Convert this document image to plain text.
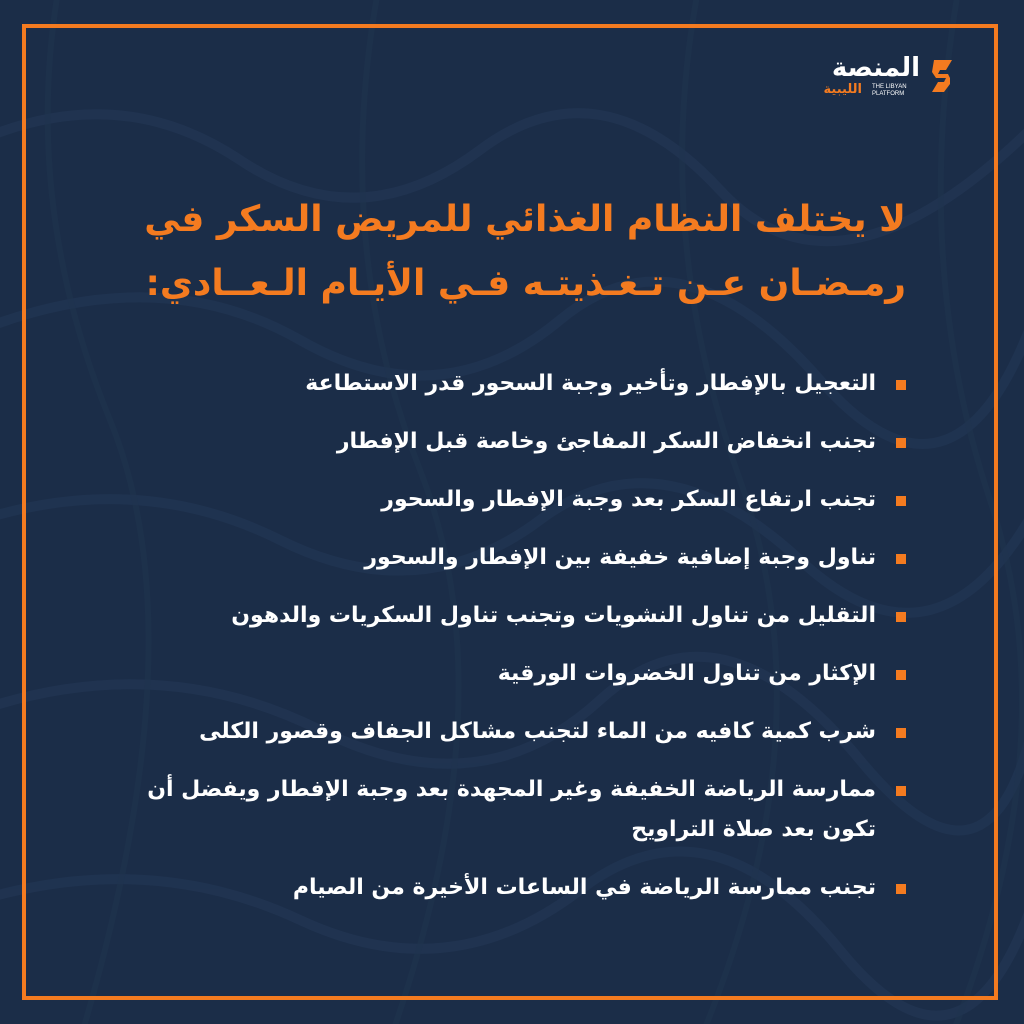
المنصة
الليبية THE LIBYAN PLATFORM
لا يختلف النظام الغذائي للمريض السكر في
رمـضـان عـن تـغـذيتـه فـي الأيـام الـعــادي:
التعجيل بالإفطار وتأخير وجبة السحور قدر الاستطاعة
تجنب انخفاض السكر المفاجئ وخاصة قبل الإفطار
تجنب ارتفاع السكر بعد وجبة الإفطار والسحور
تناول وجبة إضافية خفيفة بين الإفطار والسحور
التقليل من تناول النشويات وتجنب تناول السكريات والدهون
الإكثار من تناول الخضروات الورقية
شرب كمية كافيه من الماء لتجنب مشاكل الجفاف وقصور الكلى
ممارسة الرياضة الخفيفة وغير المجهدة بعد وجبة الإفطار ويفضل أن تكون بعد صلاة التراويح
تجنب ممارسة الرياضة في الساعات الأخيرة من الصيام
